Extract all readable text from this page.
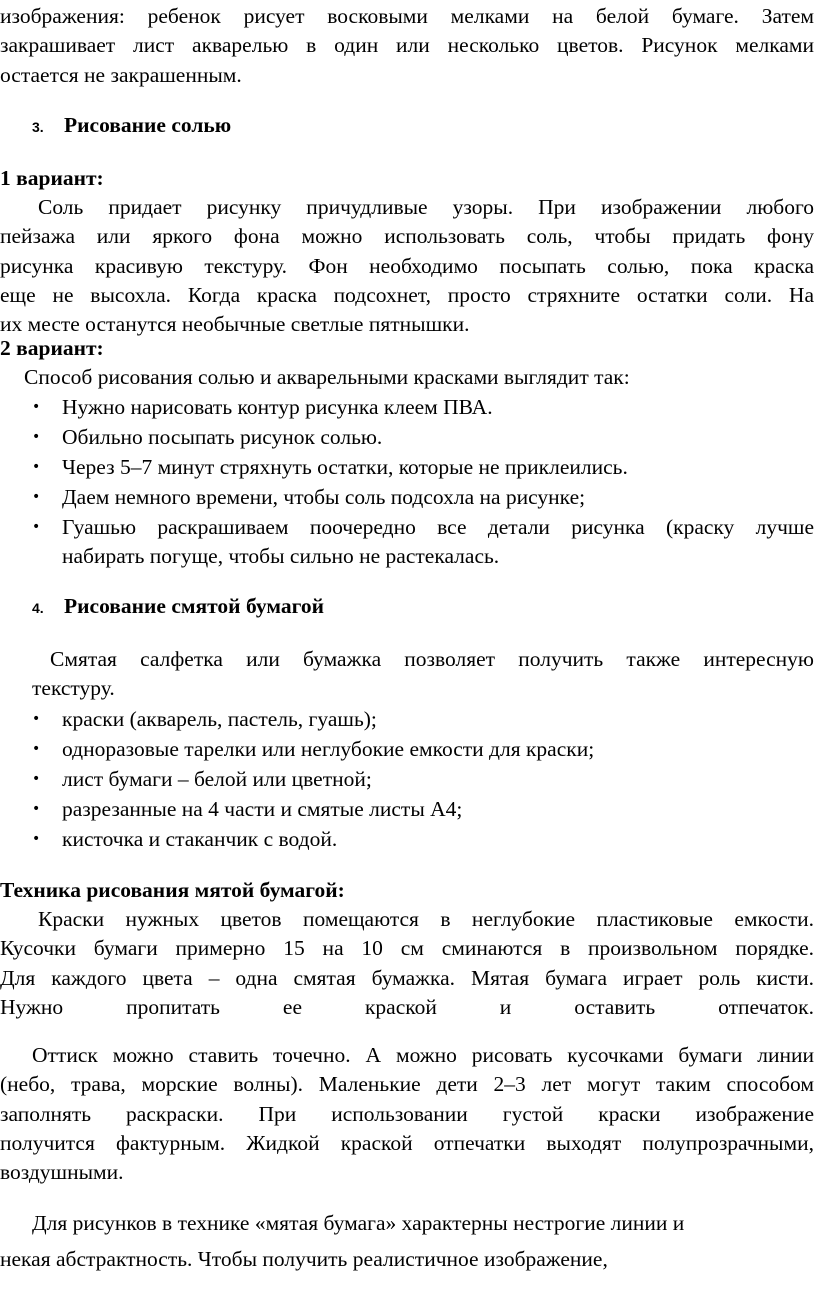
изображения: ребенок рисует восковыми мелками на белой бумаге. Затем
закрашивает лист акварелью в один или несколько цветов. Рисунок мелками
остается не закрашенным.
3. Рисование солью
1 вариант:
Соль придает рисунку причудливые узоры. При изображении любого
пейзажа или яркого фона можно использовать соль, чтобы придать фону
рисунка красивую текстуру. Фон необходимо посыпать солью, пока краска
еще не высохла. Когда краска подсохнет, просто стряхните остатки соли. На
их месте останутся необычные светлые пятнышки.
2 вариант:
Способ рисования солью и акварельными красками выглядит так:
• Нужно нарисовать контур рисунка клеем ПВА.
• Обильно посыпать рисунок солью.
• Через 5–7 минут стряхнуть остатки, которые не приклеились.
• Даем немного времени, чтобы соль подсохла на рисунке;
• Гуашью раскрашиваем поочередно все детали рисунка (краску лучше
набирать погуще, чтобы сильно не растекалась.
4. Рисование смятой бумагой
Смятая салфетка или бумажка позволяет получить также интересную
текстуру.
• краски (акварель, пастель, гуашь);
• одноразовые тарелки или неглубокие емкости для краски;
• лист бумаги – белой или цветной;
• разрезанные на 4 части и смятые листы А4;
• кисточка и стаканчик с водой.
Техника рисования мятой бумагой:
Краски нужных цветов помещаются в неглубокие пластиковые емкости.
Кусочки бумаги примерно 15 на 10 см сминаются в произвольном порядке.
Для каждого цвета – одна смятая бумажка. Мятая бумага играет роль кисти.
Нужно пропитать ее краской и оставить отпечаток.
Оттиск можно ставить точечно. А можно рисовать кусочками бумаги линии
(небо, трава, морские волны). Маленькие дети 2–3 лет могут таким способом
заполнять раскраски. При использовании густой краски изображение
получится фактурным. Жидкой краской отпечатки выходят полупрозрачными,
воздушными.
Для рисунков в технике «мятая бумага» характерны нестрогие линии и
некая абстрактность. Чтобы получить реалистичное изображение,
